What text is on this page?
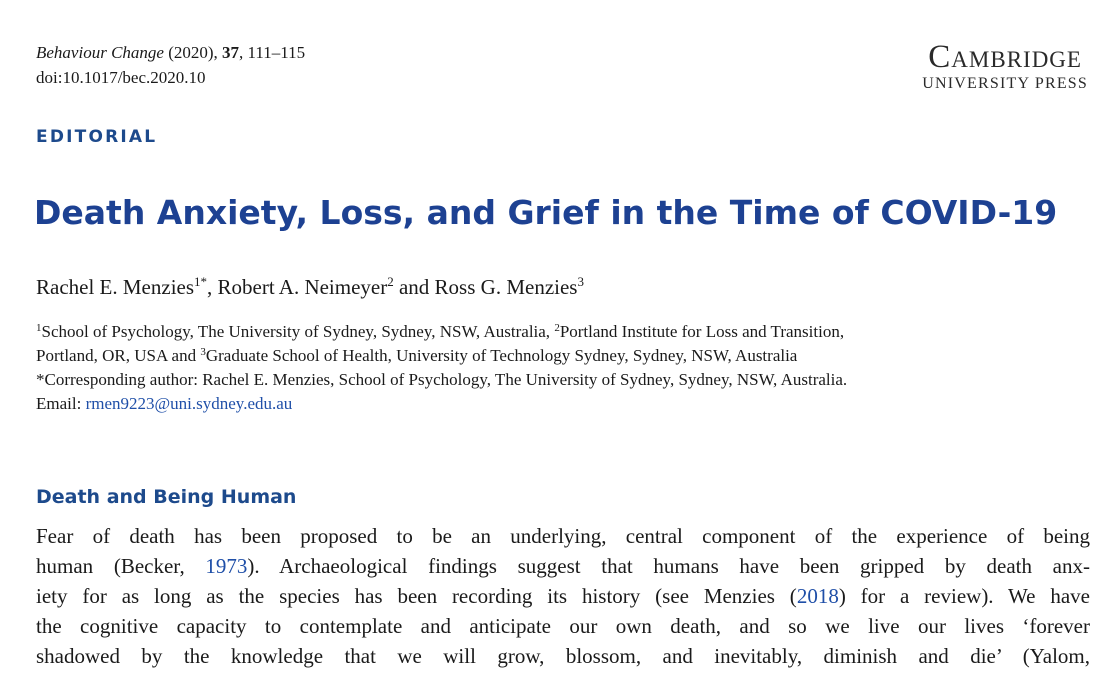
Behaviour Change (2020), 37, 111–115
doi:10.1017/bec.2020.10
Cambridge
UNIVERSITY PRESS
EDITORIAL
Death Anxiety, Loss, and Grief in the Time of COVID-19
Rachel E. Menzies$^{1*}$, Robert A. Neimeyer$^2$ and Ross G. Menzies$^3$
$^1$School of Psychology, The University of Sydney, Sydney, NSW, Australia, $^2$Portland Institute for Loss and Transition,
Portland, OR, USA and $^3$Graduate School of Health, University of Technology Sydney, Sydney, NSW, Australia
*Corresponding author: Rachel E. Menzies, School of Psychology, The University of Sydney, Sydney, NSW, Australia.
Email: rmen9223@uni.sydney.edu.au
Death and Being Human
Fear of death has been proposed to be an underlying, central component of the experience of being
human (Becker, 1973). Archaeological findings suggest that humans have been gripped by death anx-
iety for as long as the species has been recording its history (see Menzies (2018) for a review). We have
the cognitive capacity to contemplate and anticipate our own death, and so we live our lives ‘forever
shadowed by the knowledge that we will grow, blossom, and inevitably, diminish and die’ (Yalom,
